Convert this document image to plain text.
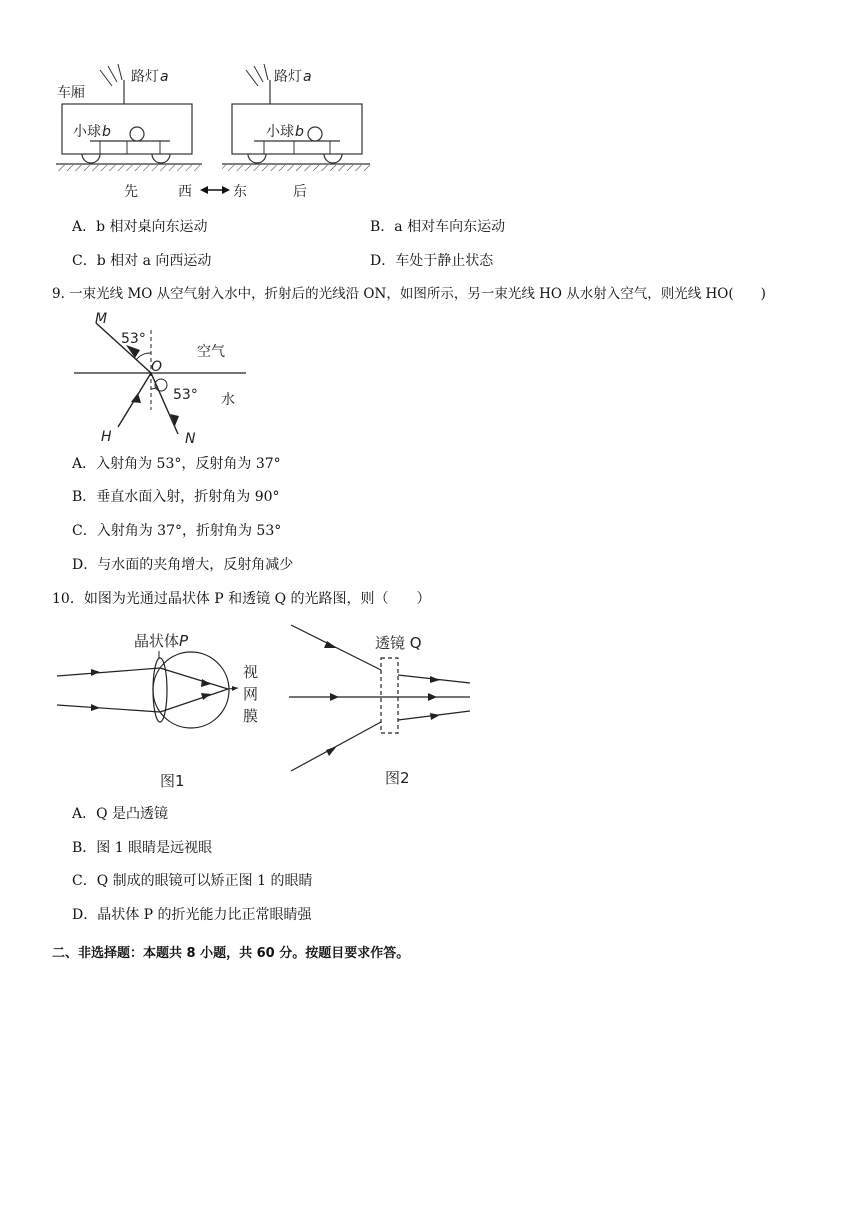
路灯a	路灯a
车厢
小球b	小球b
先	西	东	后
A．b 相对桌向东运动	B．a 相对车向东运动
C．b 相对 a 向西运动	D．车处于静止状态
9. 一束光线 MO 从空气射入水中，折射后的光线沿 ON，如图所示，另一束光线 HO 从水射入空气，则光线 HO(　　)
M
53°
空气
O
53° 水
H	N
A．入射角为 53°，反射角为 37°
B．垂直水面入射，折射角为 90°
C．入射角为 37°，折射角为 53°
D．与水面的夹角增大，反射角减少
10．如图为光通过晶状体 P 和透镜 Q 的光路图，则（　　）
晶状体P
视
网
膜
图1
透镜 Q
图2
A．Q 是凸透镜
B．图 1 眼睛是远视眼
C．Q 制成的眼镜可以矫正图 1 的眼睛
D．晶状体 P 的折光能力比正常眼睛强
二、非选择题：本题共 8 小题，共 60 分。按题目要求作答。
